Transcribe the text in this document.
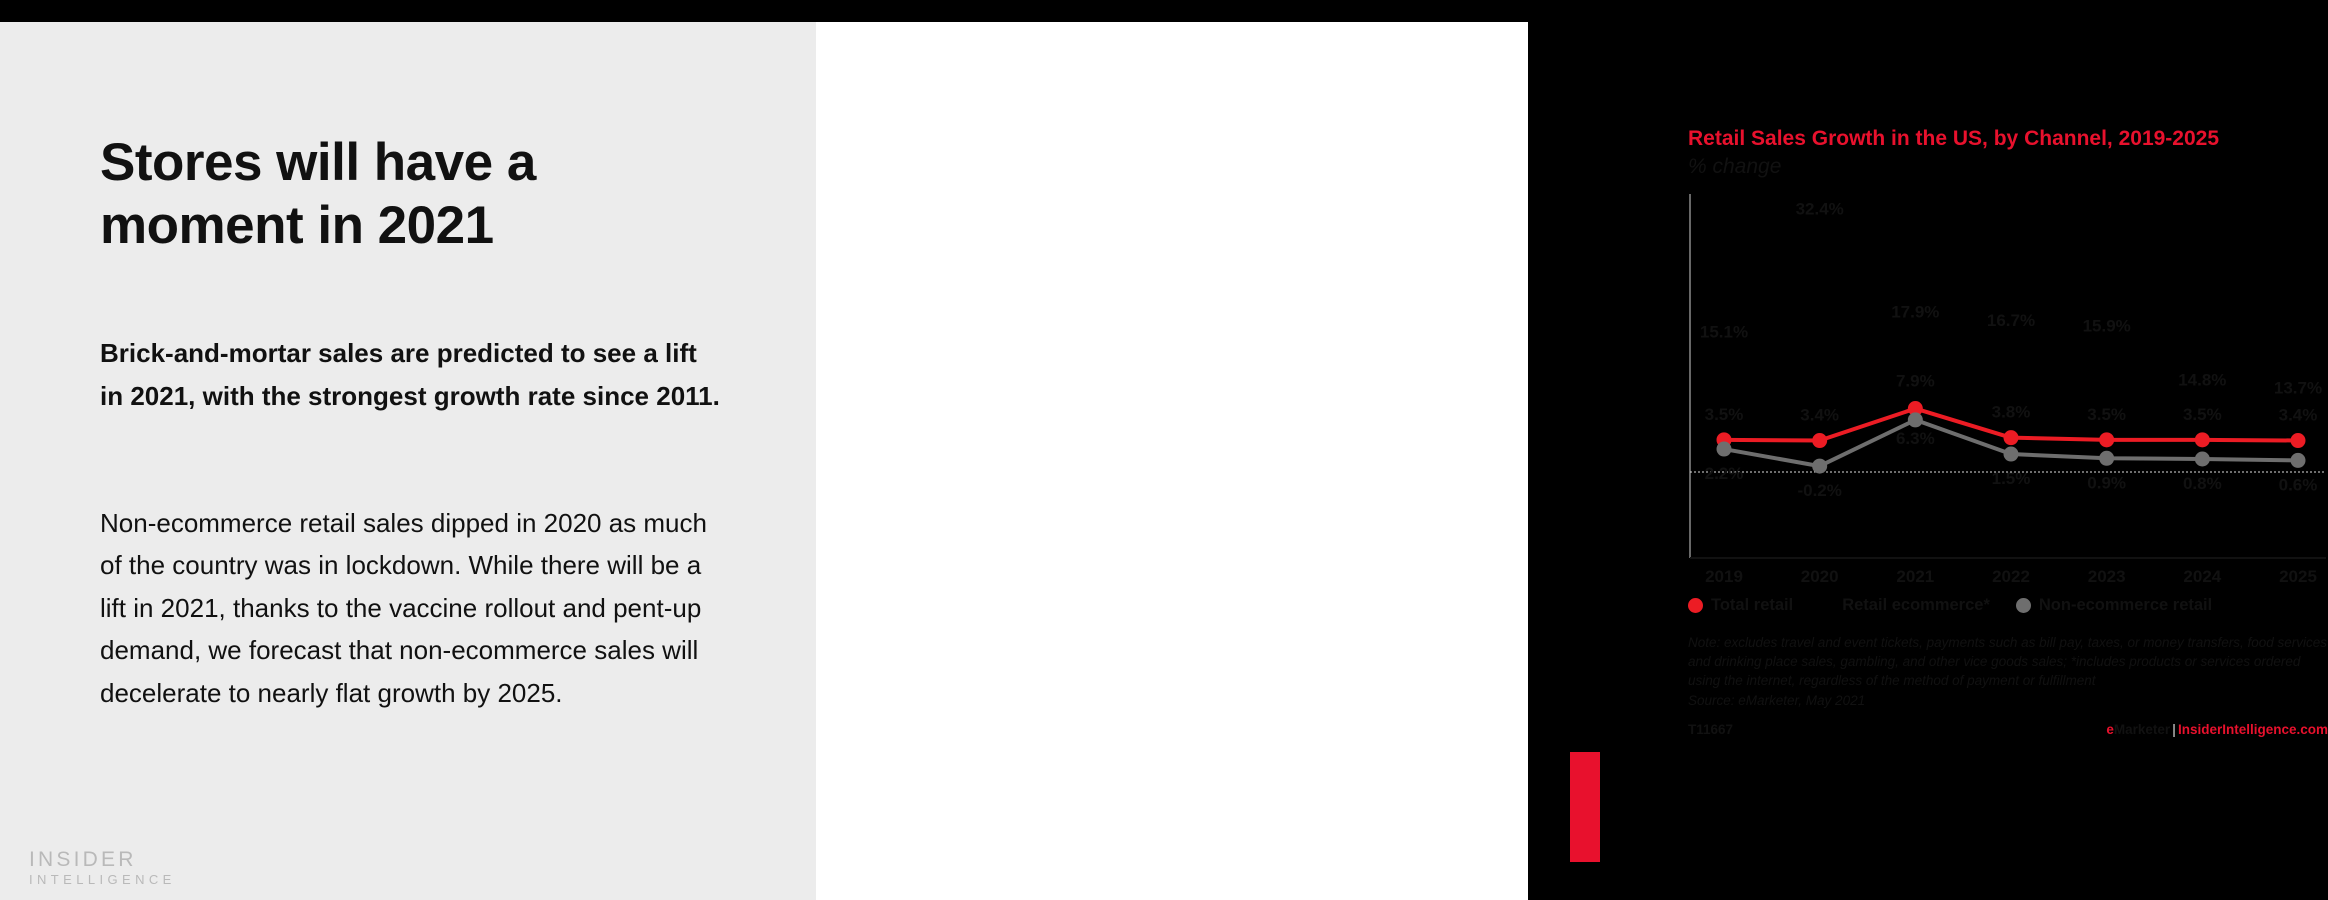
Stores will have a moment in 2021
Brick-and-mortar sales are predicted to see a lift in 2021, with the strongest growth rate since 2011.
Non-ecommerce retail sales dipped in 2020 as much of the country was in lockdown. While there will be a lift in 2021, thanks to the vaccine rollout and pent-up demand, we forecast that non-ecommerce sales will decelerate to nearly flat growth by 2025.
INSIDER
INTELLIGENCE
Retail Sales Growth in the US, by Channel, 2019-2025
% change
3.5%	3.4%
7.9%
3.8%	3.5%	3.5%	3.4%
15.1%
32.4%
17.9%	16.7%	15.9%
14.8%	13.7%
2.2%
-0.2%
6.3%
1.5%	0.9%	0.8%	0.6%
2019	2020	2021	2022	2023	2024	2025
Total retail	Retail ecommerce*	Non-ecommerce retail
Note: excludes travel and event tickets, payments such as bill pay, taxes, or money transfers, food services and drinking place sales, gambling, and other vice goods sales; *includes products or services ordered using the internet, regardless of the method of payment or fulfillment
Source: eMarketer, May 2021
T11667	eMarketer | InsiderIntelligence.com
